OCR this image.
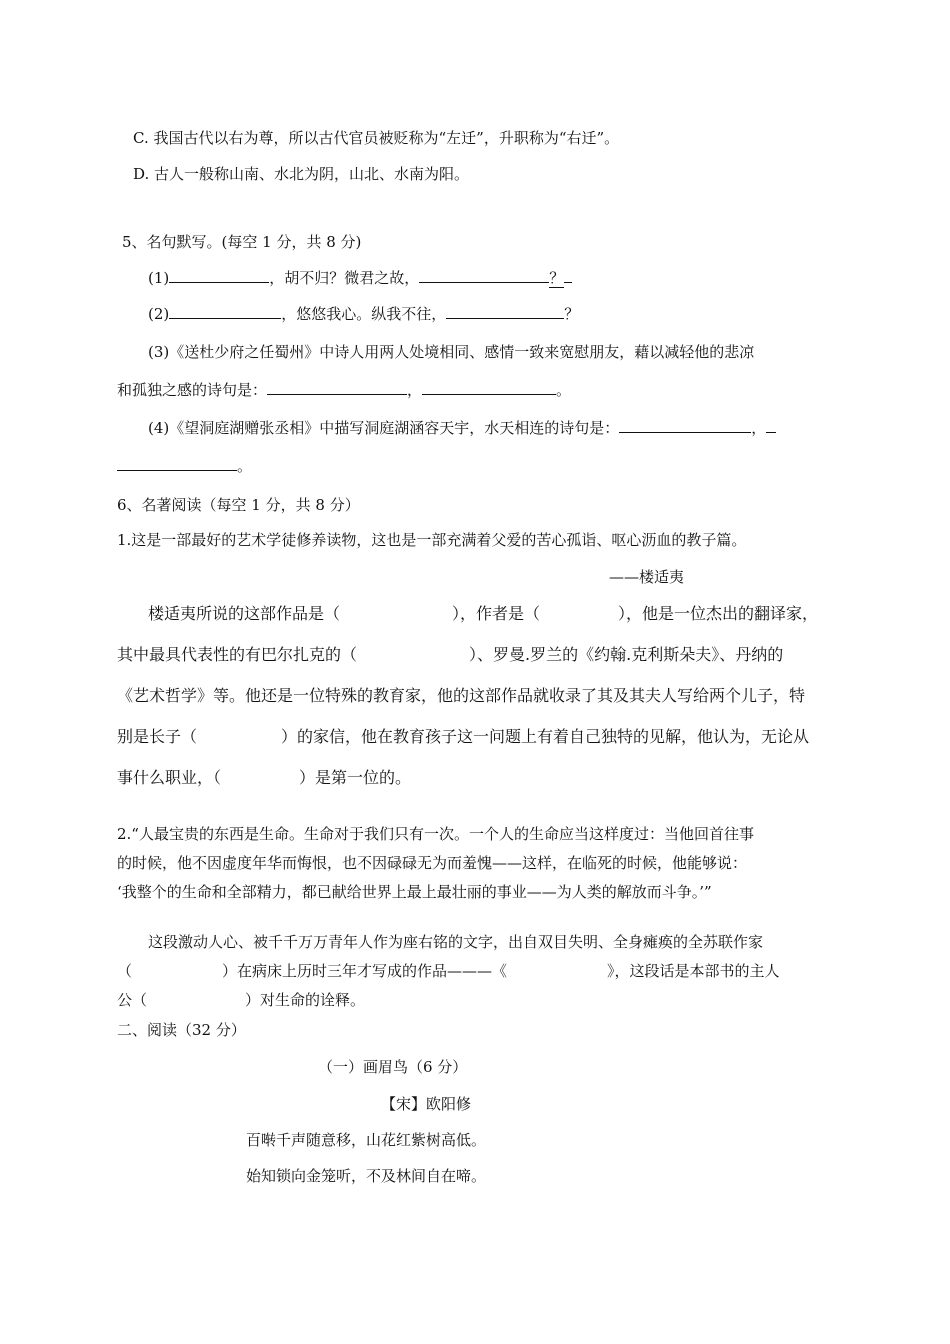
C. 我国古代以右为尊，所以古代官员被贬称为“左迁”，升职称为“右迁”。
D. 古人一般称山南、水北为阴，山北、水南为阳。
5、名句默写。(每空 1 分，共 8 分)
(1)	，胡不归？微君之故，	？
(2)	，悠悠我心。纵我不往，	？
(3)《送杜少府之任蜀州》中诗人用两人处境相同、感情一致来宽慰朋友，藉以减轻他的悲凉
和孤独之感的诗句是：	，	。
(4)《望洞庭湖赠张丞相》中描写洞庭湖涵容天宇，水天相连的诗句是：	，
。
6、名著阅读（每空 1 分，共 8 分）
1.这是一部最好的艺术学徒修养读物，这也是一部充满着父爱的苦心孤诣、呕心沥血的教子篇。
——楼适夷
楼适夷所说的这部作品是（	），作者是（	），他是一位杰出的翻译家，
其中最具代表性的有巴尔扎克的（	）、罗曼.罗兰的《约翰.克利斯朵夫》、丹纳的
《艺术哲学》等。他还是一位特殊的教育家，他的这部作品就收录了其及其夫人写给两个儿子，特
别是长子（	）的家信，他在教育孩子这一问题上有着自己独特的见解，他认为，无论从
事什么职业，（	）是第一位的。
2.“人最宝贵的东西是生命。生命对于我们只有一次。一个人的生命应当这样度过：当他回首往事
的时候，他不因虚度年华而悔恨，也不因碌碌无为而羞愧——这样，在临死的时候，他能够说：
‘我整个的生命和全部精力，都已献给世界上最上最壮丽的事业——为人类的解放而斗争。’”
这段激动人心、被千千万万青年人作为座右铭的文字，出自双目失明、全身瘫痪的全苏联作家
（	）在病床上历时三年才写成的作品———《	》，这段话是本部书的主人
公（	）对生命的诠释。
二、阅读（32 分）
（一）画眉鸟（6 分）
【宋】欧阳修
百啭千声随意移，山花红紫树高低。
始知锁向金笼听，不及林间自在啼。
